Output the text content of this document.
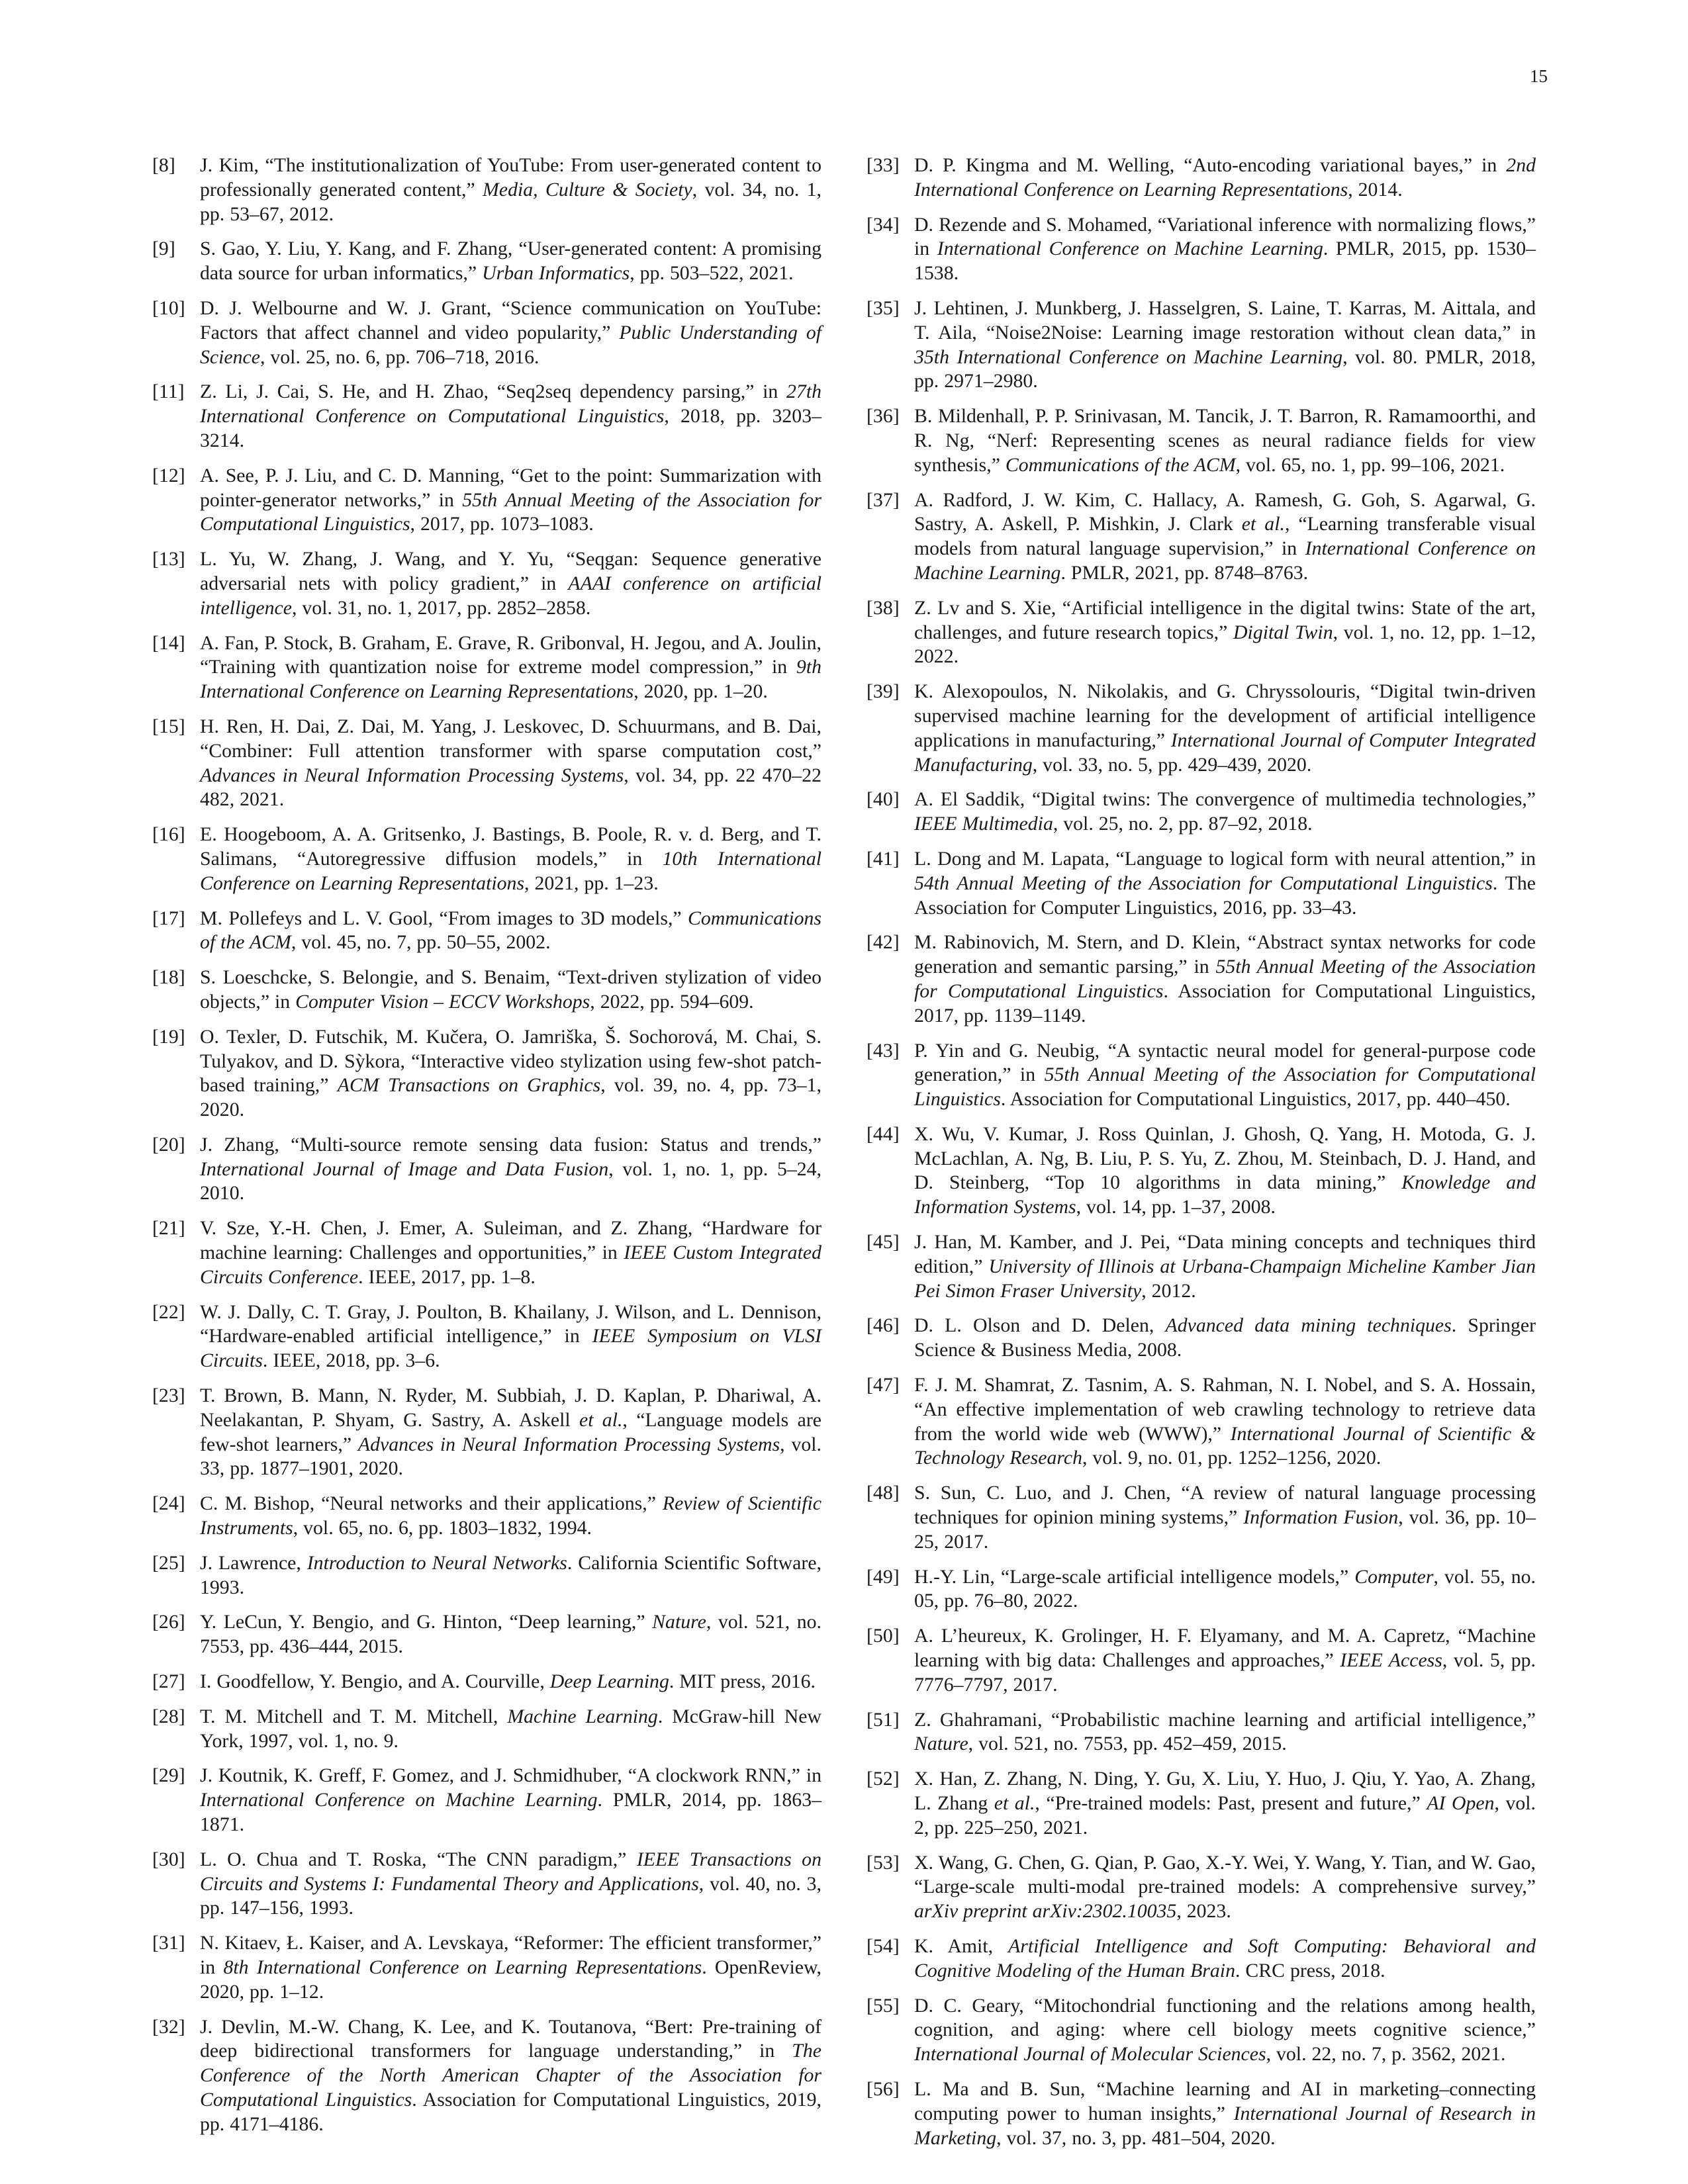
15
[8]	J. Kim, “The institutionalization of YouTube: From user-generated content to professionally generated content,” Media, Culture & Society, vol. 34, no. 1, pp. 53–67, 2012.
[9]	S. Gao, Y. Liu, Y. Kang, and F. Zhang, “User-generated content: A promising data source for urban informatics,” Urban Informatics, pp. 503–522, 2021.
[10] D. J. Welbourne and W. J. Grant, “Science communication on YouTube: Factors that affect channel and video popularity,” Public Understanding of Science, vol. 25, no. 6, pp. 706–718, 2016.
[11] Z. Li, J. Cai, S. He, and H. Zhao, “Seq2seq dependency parsing,” in 27th International Conference on Computational Linguistics, 2018, pp. 3203–3214.
[12] A. See, P. J. Liu, and C. D. Manning, “Get to the point: Summarization with pointer-generator networks,” in 55th Annual Meeting of the Association for Computational Linguistics, 2017, pp. 1073–1083.
[13] L. Yu, W. Zhang, J. Wang, and Y. Yu, “Seqgan: Sequence generative adversarial nets with policy gradient,” in AAAI conference on artificial intelligence, vol. 31, no. 1, 2017, pp. 2852–2858.
[14] A. Fan, P. Stock, B. Graham, E. Grave, R. Gribonval, H. Jegou, and A. Joulin, “Training with quantization noise for extreme model compression,” in 9th International Conference on Learning Representations, 2020, pp. 1–20.
[15] H. Ren, H. Dai, Z. Dai, M. Yang, J. Leskovec, D. Schuurmans, and B. Dai, “Combiner: Full attention transformer with sparse computation cost,” Advances in Neural Information Processing Systems, vol. 34, pp. 22 470–22 482, 2021.
[16] E. Hoogeboom, A. A. Gritsenko, J. Bastings, B. Poole, R. v. d. Berg, and T. Salimans, “Autoregressive diffusion models,” in 10th International Conference on Learning Representations, 2021, pp. 1–23.
[17] M. Pollefeys and L. V. Gool, “From images to 3D models,” Communications of the ACM, vol. 45, no. 7, pp. 50–55, 2002.
[18] S. Loeschcke, S. Belongie, and S. Benaim, “Text-driven stylization of video objects,” in Computer Vision – ECCV Workshops, 2022, pp. 594–609.
[19] O. Texler, D. Futschik, M. Kučera, O. Jamriška, Š. Sochorová, M. Chai, S. Tulyakov, and D. Sỳkora, “Interactive video stylization using few-shot patch-based training,” ACM Transactions on Graphics, vol. 39, no. 4, pp. 73–1, 2020.
[20] J. Zhang, “Multi-source remote sensing data fusion: Status and trends,” International Journal of Image and Data Fusion, vol. 1, no. 1, pp. 5–24, 2010.
[21] V. Sze, Y.-H. Chen, J. Emer, A. Suleiman, and Z. Zhang, “Hardware for machine learning: Challenges and opportunities,” in IEEE Custom Integrated Circuits Conference. IEEE, 2017, pp. 1–8.
[22] W. J. Dally, C. T. Gray, J. Poulton, B. Khailany, J. Wilson, and L. Dennison, “Hardware-enabled artificial intelligence,” in IEEE Symposium on VLSI Circuits. IEEE, 2018, pp. 3–6.
[23] T. Brown, B. Mann, N. Ryder, M. Subbiah, J. D. Kaplan, P. Dhariwal, A. Neelakantan, P. Shyam, G. Sastry, A. Askell et al., “Language models are few-shot learners,” Advances in Neural Information Processing Systems, vol. 33, pp. 1877–1901, 2020.
[24] C. M. Bishop, “Neural networks and their applications,” Review of Scientific Instruments, vol. 65, no. 6, pp. 1803–1832, 1994.
[25] J. Lawrence, Introduction to Neural Networks. California Scientific Software, 1993.
[26] Y. LeCun, Y. Bengio, and G. Hinton, “Deep learning,” Nature, vol. 521, no. 7553, pp. 436–444, 2015.
[27] I. Goodfellow, Y. Bengio, and A. Courville, Deep Learning. MIT press, 2016.
[28] T. M. Mitchell and T. M. Mitchell, Machine Learning. McGraw-hill New York, 1997, vol. 1, no. 9.
[29] J. Koutnik, K. Greff, F. Gomez, and J. Schmidhuber, “A clockwork RNN,” in International Conference on Machine Learning. PMLR, 2014, pp. 1863–1871.
[30] L. O. Chua and T. Roska, “The CNN paradigm,” IEEE Transactions on Circuits and Systems I: Fundamental Theory and Applications, vol. 40, no. 3, pp. 147–156, 1993.
[31] N. Kitaev, Ł. Kaiser, and A. Levskaya, “Reformer: The efficient transformer,” in 8th International Conference on Learning Representations. OpenReview, 2020, pp. 1–12.
[32] J. Devlin, M.-W. Chang, K. Lee, and K. Toutanova, “Bert: Pre-training of deep bidirectional transformers for language understanding,” in The Conference of the North American Chapter of the Association for Computational Linguistics. Association for Computational Linguistics, 2019, pp. 4171–4186.
[33] D. P. Kingma and M. Welling, “Auto-encoding variational bayes,” in 2nd International Conference on Learning Representations, 2014.
[34] D. Rezende and S. Mohamed, “Variational inference with normalizing flows,” in International Conference on Machine Learning. PMLR, 2015, pp. 1530–1538.
[35] J. Lehtinen, J. Munkberg, J. Hasselgren, S. Laine, T. Karras, M. Aittala, and T. Aila, “Noise2Noise: Learning image restoration without clean data,” in 35th International Conference on Machine Learning, vol. 80. PMLR, 2018, pp. 2971–2980.
[36] B. Mildenhall, P. P. Srinivasan, M. Tancik, J. T. Barron, R. Ramamoorthi, and R. Ng, “Nerf: Representing scenes as neural radiance fields for view synthesis,” Communications of the ACM, vol. 65, no. 1, pp. 99–106, 2021.
[37] A. Radford, J. W. Kim, C. Hallacy, A. Ramesh, G. Goh, S. Agarwal, G. Sastry, A. Askell, P. Mishkin, J. Clark et al., “Learning transferable visual models from natural language supervision,” in International Conference on Machine Learning. PMLR, 2021, pp. 8748–8763.
[38] Z. Lv and S. Xie, “Artificial intelligence in the digital twins: State of the art, challenges, and future research topics,” Digital Twin, vol. 1, no. 12, pp. 1–12, 2022.
[39] K. Alexopoulos, N. Nikolakis, and G. Chryssolouris, “Digital twin-driven supervised machine learning for the development of artificial intelligence applications in manufacturing,” International Journal of Computer Integrated Manufacturing, vol. 33, no. 5, pp. 429–439, 2020.
[40] A. El Saddik, “Digital twins: The convergence of multimedia technologies,” IEEE Multimedia, vol. 25, no. 2, pp. 87–92, 2018.
[41] L. Dong and M. Lapata, “Language to logical form with neural attention,” in 54th Annual Meeting of the Association for Computational Linguistics. The Association for Computer Linguistics, 2016, pp. 33–43.
[42] M. Rabinovich, M. Stern, and D. Klein, “Abstract syntax networks for code generation and semantic parsing,” in 55th Annual Meeting of the Association for Computational Linguistics. Association for Computational Linguistics, 2017, pp. 1139–1149.
[43] P. Yin and G. Neubig, “A syntactic neural model for general-purpose code generation,” in 55th Annual Meeting of the Association for Computational Linguistics. Association for Computational Linguistics, 2017, pp. 440–450.
[44] X. Wu, V. Kumar, J. Ross Quinlan, J. Ghosh, Q. Yang, H. Motoda, G. J. McLachlan, A. Ng, B. Liu, P. S. Yu, Z. Zhou, M. Steinbach, D. J. Hand, and D. Steinberg, “Top 10 algorithms in data mining,” Knowledge and Information Systems, vol. 14, pp. 1–37, 2008.
[45] J. Han, M. Kamber, and J. Pei, “Data mining concepts and techniques third edition,” University of Illinois at Urbana-Champaign Micheline Kamber Jian Pei Simon Fraser University, 2012.
[46] D. L. Olson and D. Delen, Advanced data mining techniques. Springer Science & Business Media, 2008.
[47] F. J. M. Shamrat, Z. Tasnim, A. S. Rahman, N. I. Nobel, and S. A. Hossain, “An effective implementation of web crawling technology to retrieve data from the world wide web (WWW),” International Journal of Scientific & Technology Research, vol. 9, no. 01, pp. 1252–1256, 2020.
[48] S. Sun, C. Luo, and J. Chen, “A review of natural language processing techniques for opinion mining systems,” Information Fusion, vol. 36, pp. 10–25, 2017.
[49] H.-Y. Lin, “Large-scale artificial intelligence models,” Computer, vol. 55, no. 05, pp. 76–80, 2022.
[50] A. L’heureux, K. Grolinger, H. F. Elyamany, and M. A. Capretz, “Machine learning with big data: Challenges and approaches,” IEEE Access, vol. 5, pp. 7776–7797, 2017.
[51] Z. Ghahramani, “Probabilistic machine learning and artificial intelligence,” Nature, vol. 521, no. 7553, pp. 452–459, 2015.
[52] X. Han, Z. Zhang, N. Ding, Y. Gu, X. Liu, Y. Huo, J. Qiu, Y. Yao, A. Zhang, L. Zhang et al., “Pre-trained models: Past, present and future,” AI Open, vol. 2, pp. 225–250, 2021.
[53] X. Wang, G. Chen, G. Qian, P. Gao, X.-Y. Wei, Y. Wang, Y. Tian, and W. Gao, “Large-scale multi-modal pre-trained models: A comprehensive survey,” arXiv preprint arXiv:2302.10035, 2023.
[54] K. Amit, Artificial Intelligence and Soft Computing: Behavioral and Cognitive Modeling of the Human Brain. CRC press, 2018.
[55] D. C. Geary, “Mitochondrial functioning and the relations among health, cognition, and aging: where cell biology meets cognitive science,” International Journal of Molecular Sciences, vol. 22, no. 7, p. 3562, 2021.
[56] L. Ma and B. Sun, “Machine learning and AI in marketing–connecting computing power to human insights,” International Journal of Research in Marketing, vol. 37, no. 3, pp. 481–504, 2020.
